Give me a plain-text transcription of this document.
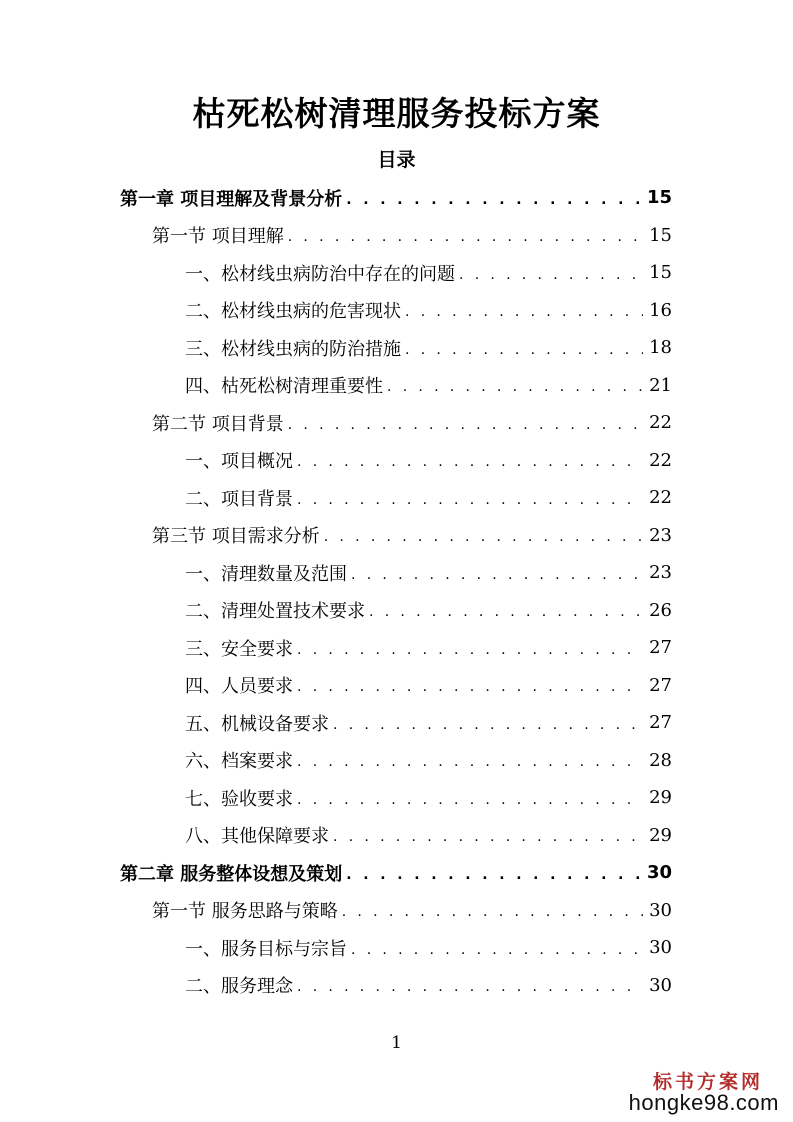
枯死松树清理服务投标方案
目录
第一章 项目理解及背景分析 . . .	15
第一节 项目理解 . . .	15
一、松材线虫病防治中存在的问题 . . .	15
二、松材线虫病的危害现状 . . .	16
三、松材线虫病的防治措施 . . .	18
四、枯死松树清理重要性 . . .	21
第二节 项目背景 . . .	22
一、项目概况 . . .	22
二、项目背景 . . .	22
第三节 项目需求分析 . . .	23
一、清理数量及范围 . . .	23
二、清理处置技术要求 . . .	26
三、安全要求 . . .	27
四、人员要求 . . .	27
五、机械设备要求 . . .	27
六、档案要求 . . .	28
七、验收要求 . . .	29
八、其他保障要求 . . .	29
第二章 服务整体设想及策划 . . .	30
第一节 服务思路与策略 . . .	30
一、服务目标与宗旨 . . .	30
二、服务理念 . . .	30
1
标书方案网
hongke98.com
